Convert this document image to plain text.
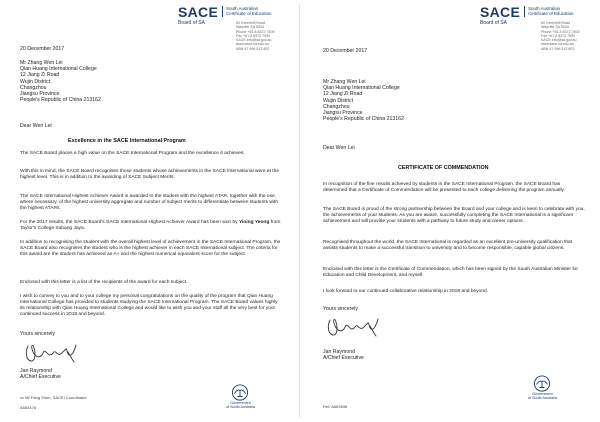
SACE
Board of SA
South Australian
Certificate of Education
60 Greenhill Road
Wayville SA 5034
Phone +61 8 8372 7400
Fax +61 8 8372 7590
SACE.info@sa.gov.au
www.sace.sa.edu.au
ABN 47 996 513 802
20 December 2017
Mr Zhang Wen Lei
Qian Huang International College
12 Jiang Zi Road
Wujin District
Changzhou
Jiangsu Province
People's Republic of China 213162
Dear Wen Lei
Excellence in the SACE International Program
The SACE Board places a high value on the SACE International Program and the excellence it achieves.
With this in mind, the SACE Board recognises those students whose achievements in the SACE International were at the highest level. This is in addition to the awarding of SACE Subject Merits.
The SACE International Highest Achiever Award is awarded to the student with the highest ATAR, together with the use, where necessary, of the highest university aggregate and number of subject merits to differentiate between students with the highest ATARs.
For the 2017 results, the SACE Board's SACE International Highest Achiever Award has been won by Yining Yeong from Taylor's College Subang Jaya.
In addition to recognising the student with the overall highest level of achievement in the SACE International Program, the SACE Board also recognises the student who is the highest achiever in each SACE International subject. The criteria for this award are the student has achieved an A+ and the highest numerical equivalent score for the subject.
Enclosed with this letter is a list of the recipients of the award for each subject.
I wish to convey to you and to your college my personal congratulations on the quality of the program that Qian Huang International College has provided to students studying the SACE International Program. The SACE Board values highly its relationship with Qian Huang International College and would like to wish you and your staff all the very best for your continued success in 2018 and beyond.
Yours sincerely
Jan Raymond
A/Chief Executive
cc Mr Fang Shen, SACEI Coordinator
A663476
Government
of South Australia
SACE
Board of SA
South Australian
Certificate of Education
60 Greenhill Road
Wayville SA 5034
Phone +61 8 8372 7400
Fax +61 8 8372 7590
SACE.info@sa.gov.au
www.sace.sa.edu.au
ABN 47 996 513 802
20 December 2017
Mr Zhang Wen Lei
Qian Huang International College
12 Jiang Zi Road
Wujin District
Changzhou
Jiangsu Province
People's Republic of China 213162
Dear Wen Lei
CERTIFICATE OF COMMENDATION
In recognition of the fine results achieved by students in the SACE International Program, the SACE Board has determined that a Certificate of Commendation will be presented to each college delivering the program annually.
The SACE Board is proud of the strong partnership between the Board and your college and is keen to celebrate with you, the achievements of your students. As you are aware, successfully completing the SACE International is a significant achievement and will provide your students with a pathway to future study and career options.
Recognised throughout the world, the SACE International is regarded as an excellent pre-university qualification that assists students to make a successful transition to university and to become responsible, capable global citizens.
Enclosed with this letter is the Certificate of Commendation, which has been signed by the South Australian Minister for Education and Child Development, and myself.
I look forward to our continued collaborative relationship in 2018 and beyond.
Yours sincerely
Jan Raymond
A/Chief Executive
Ref: A663536
Government
of South Australia
